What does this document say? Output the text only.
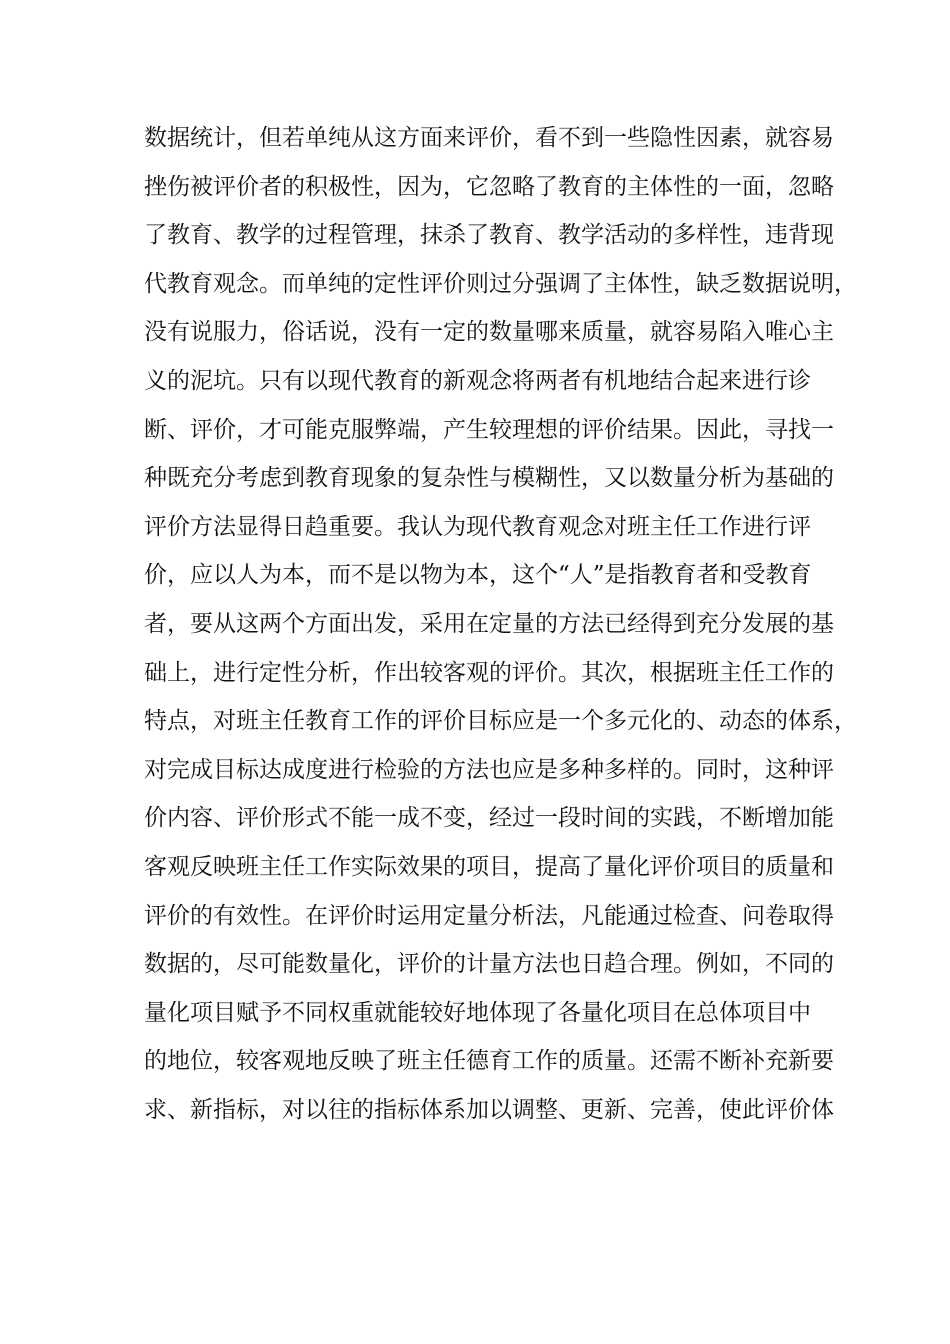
数据统计，但若单纯从这方面来评价，看不到一些隐性因素，就容易
挫伤被评价者的积极性，因为，它忽略了教育的主体性的一面，忽略
了教育、教学的过程管理，抹杀了教育、教学活动的多样性，违背现
代教育观念。而单纯的定性评价则过分强调了主体性，缺乏数据说明，
没有说服力，俗话说，没有一定的数量哪来质量，就容易陷入唯心主
义的泥坑。只有以现代教育的新观念将两者有机地结合起来进行诊
断、评价，才可能克服弊端，产生较理想的评价结果。因此，寻找一
种既充分考虑到教育现象的复杂性与模糊性，又以数量分析为基础的
评价方法显得日趋重要。我认为现代教育观念对班主任工作进行评
价，应以人为本，而不是以物为本，这个“人”是指教育者和受教育
者，要从这两个方面出发，采用在定量的方法已经得到充分发展的基
础上，进行定性分析，作出较客观的评价。其次，根据班主任工作的
特点，对班主任教育工作的评价目标应是一个多元化的、动态的体系，
对完成目标达成度进行检验的方法也应是多种多样的。同时，这种评
价内容、评价形式不能一成不变，经过一段时间的实践，不断增加能
客观反映班主任工作实际效果的项目，提高了量化评价项目的质量和
评价的有效性。在评价时运用定量分析法，凡能通过检查、问卷取得
数据的，尽可能数量化，评价的计量方法也日趋合理。例如，不同的
量化项目赋予不同权重就能较好地体现了各量化项目在总体项目中
的地位，较客观地反映了班主任德育工作的质量。还需不断补充新要
求、新指标，对以往的指标体系加以调整、更新、完善，使此评价体
